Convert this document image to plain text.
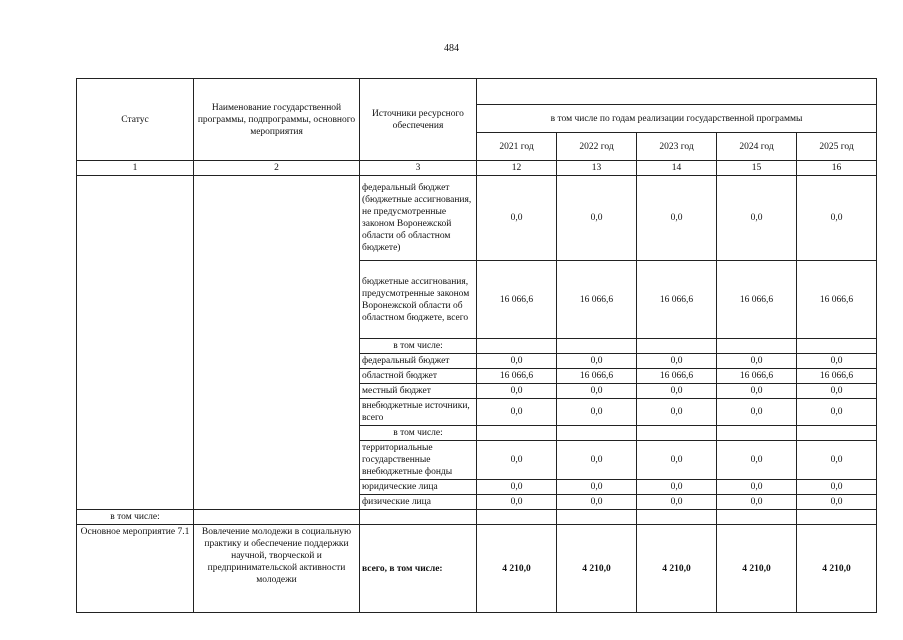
484
Статус	Наименование государственной программы, подпрограммы, основного мероприятия	Источники ресурсного обеспечения					
			в том числе по годам реализации государственной программы				
			2021 год	2022 год	2023 год	2024 год	2025 год
1	2	3	12	13	14	15	16
		федеральный бюджет (бюджетные ассигнования, не предусмотренные законом Воронежской области об областном бюджете)	0,0	0,0	0,0	0,0	0,0
		бюджетные ассигнования, предусмотренные законом Воронежской области об областном бюджете, всего	16 066,6	16 066,6	16 066,6	16 066,6	16 066,6
		в том числе:					
		федеральный бюджет	0,0	0,0	0,0	0,0	0,0
		областной бюджет	16 066,6	16 066,6	16 066,6	16 066,6	16 066,6
		местный бюджет	0,0	0,0	0,0	0,0	0,0
		внебюджетные источники, всего	0,0	0,0	0,0	0,0	0,0
		в том числе:					
		территориальные государственные внебюджетные фонды	0,0	0,0	0,0	0,0	0,0
		юридические лица	0,0	0,0	0,0	0,0	0,0
		физические лица	0,0	0,0	0,0	0,0	0,0
в том числе:							
Основное мероприятие 7.1	Вовлечение молодежи в социальную практику и обеспечение поддержки научной, творческой и предпринимательской активности молодежи	всего, в том числе:	4 210,0	4 210,0	4 210,0	4 210,0	4 210,0
